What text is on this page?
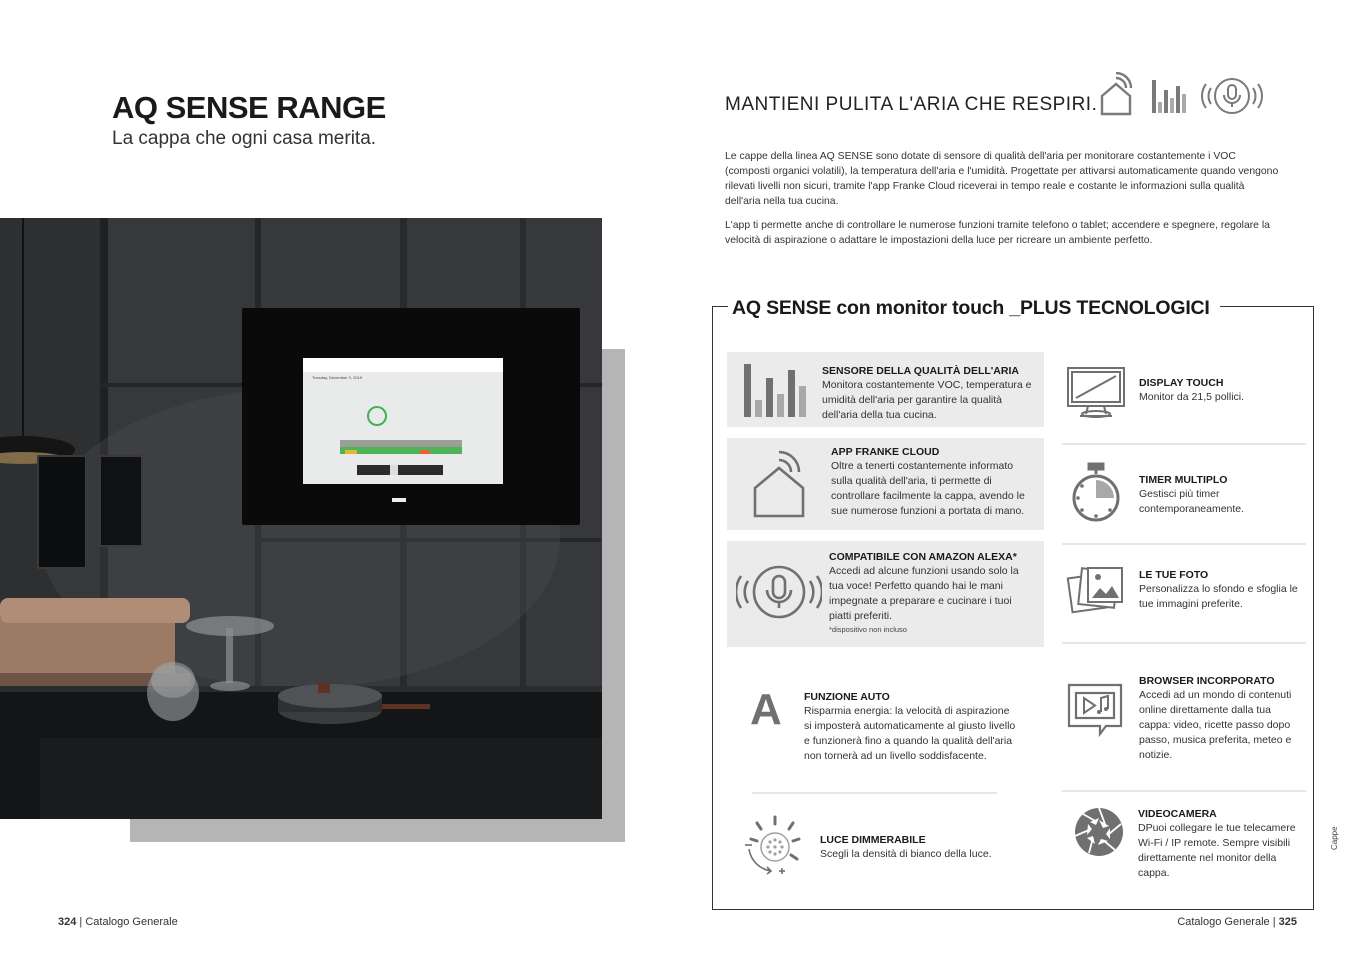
AQ SENSE RANGE
La cappa che ogni casa merita.
Tuesday, December 3, 2019
324 | Catalogo Generale
MANTIENI PULITA L'ARIA CHE RESPIRI.
Le cappe della linea AQ SENSE sono dotate di sensore di qualità dell'aria per monitorare costantemente i VOC (composti organici volatili), la temperatura dell'aria e l'umidità. Progettate per attivarsi automaticamente quando vengono rilevati livelli non sicuri, tramite l'app Franke Cloud riceverai in tempo reale e costante le informazioni sulla qualità dell'aria nella tua cucina.
L'app ti permette anche di controllare le numerose funzioni tramite telefono o tablet; accendere e spegnere, regolare la velocità di aspirazione o adattare le impostazioni della luce per ricreare un ambiente perfetto.
AQ SENSE con monitor touch _PLUS TECNOLOGICI
SENSORE DELLA QUALITÀ DELL'ARIA
Monitora costantemente VOC, temperatura e umidità dell'aria per garantire la qualità dell'aria della tua cucina.
APP FRANKE CLOUD
Oltre a tenerti costantemente informato sulla qualità dell'aria, ti permette di controllare facilmente la cappa, avendo le sue numerose funzioni a portata di mano.
COMPATIBILE CON AMAZON ALEXA*
Accedi ad alcune funzioni usando solo la tua voce! Perfetto quando hai le mani impegnate a preparare e cucinare i tuoi piatti preferiti.
*dispositivo non incluso
A FUNZIONE AUTO
Risparmia energia: la velocità di aspirazione si imposterà automaticamente al giusto livello e funzionerà fino a quando la qualità dell'aria non tornerà ad un livello soddisfacente.
LUCE DIMMERABILE
Scegli la densità di bianco della luce.
DISPLAY TOUCH
Monitor da 21,5 pollici.
TIMER MULTIPLO
Gestisci più timer contemporaneamente.
LE TUE FOTO
Personalizza lo sfondo e sfoglia le tue immagini preferite.
BROWSER INCORPORATO
Accedi ad un mondo di contenuti online direttamente dalla tua cappa: video, ricette passo dopo passo, musica preferita, meteo e notizie.
VIDEOCAMERA
DPuoi collegare le tue telecamere Wi-Fi / IP remote. Sempre visibili direttamente nel monitor della cappa.
Cappe
Catalogo Generale | 325
